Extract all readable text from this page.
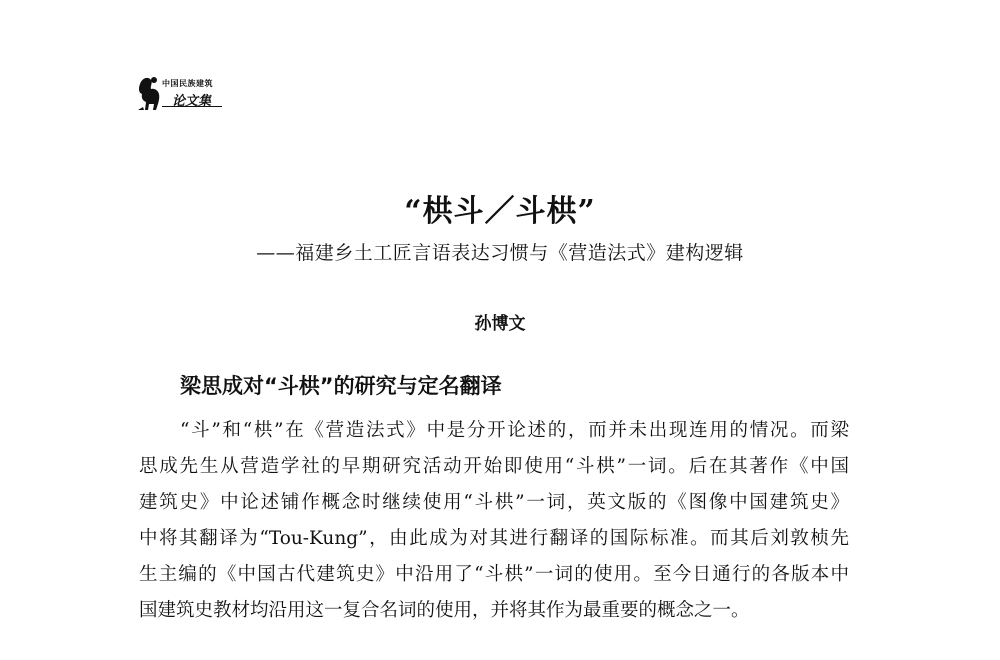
中国民族建筑
论文集
“栱斗／斗栱”
——福建乡土工匠言语表达习惯与《营造法式》建构逻辑
孙博文
梁思成对“斗栱”的研究与定名翻译
“斗”和“栱”在《营造法式》中是分开论述的，而并未出现连用的情况。而梁
思成先生从营造学社的早期研究活动开始即使用“斗栱”一词。后在其著作《中国
建筑史》中论述铺作概念时继续使用“斗栱”一词，英文版的《图像中国建筑史》
中将其翻译为“Tou-Kung”，由此成为对其进行翻译的国际标准。而其后刘敦桢先
生主编的《中国古代建筑史》中沿用了“斗栱”一词的使用。至今日通行的各版本中
国建筑史教材均沿用这一复合名词的使用，并将其作为最重要的概念之一。
